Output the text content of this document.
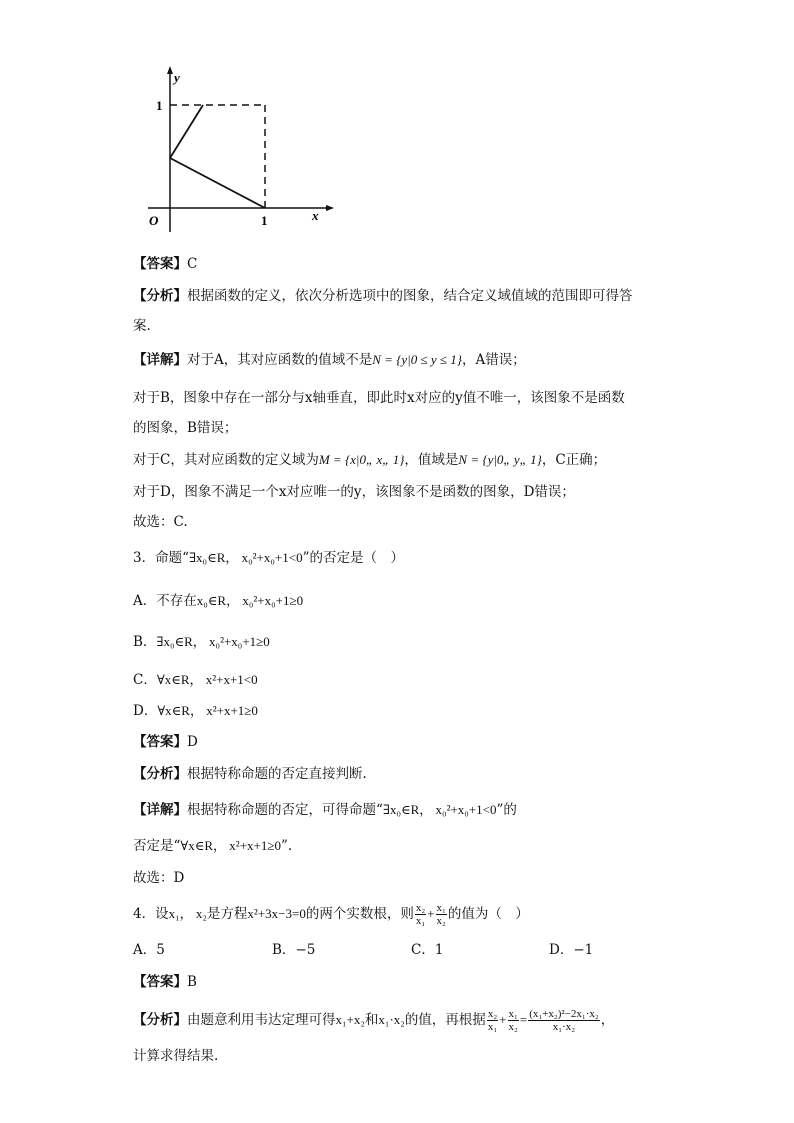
y
x
O
1
1
【答案】C
【分析】根据函数的定义，依次分析选项中的图象，结合定义域值域的范围即可得答
案.
【详解】对于A，其对应函数的值域不是N = {y|0 ≤ y ≤ 1}，A错误；
对于B，图象中存在一部分与x轴垂直，即此时x对应的y值不唯一，该图象不是函数
的图象，B错误；
对于C，其对应函数的定义域为M = {x|0„ x„ 1}，值域是N = {y|0„ y„ 1}，C正确；
对于D，图象不满足一个x对应唯一的y，该图象不是函数的图象，D错误；
故选：C.
3．命题“∃x₀∈R， x₀²+x₀+1<0”的否定是（　）
A．不存在x₀∈R， x₀²+x₀+1≥0
B．∃x₀∈R， x₀²+x₀+1≥0
C．∀x∈R， x²+x+1<0
D．∀x∈R， x²+x+1≥0
【答案】D
【分析】根据特称命题的否定直接判断.
【详解】根据特称命题的否定，可得命题“∃x₀∈R， x₀²+x₀+1<0”的
否定是“∀x∈R， x²+x+1≥0”.
故选：D
4．设x₁， x₂是方程x²+3x−3=0的两个实数根，则 $\frac{\text{x₂}}{\text{x₁}} + \frac{\text{x₁}}{\text{x₂}}$ 的值为（　）
A．5	B．−5	C．1	D．−1
【答案】B
【分析】由题意利用韦达定理可得x₁+x₂和x₁·x₂的值，再根据 $\frac{\text{x₂}}{\text{x₁}} + \frac{\text{x₁}}{\text{x₂}} = \frac{\text{(x₁+x₂)²−2x₁·x₂}}{\text{x₁·x₂}}$ ，
计算求得结果.
